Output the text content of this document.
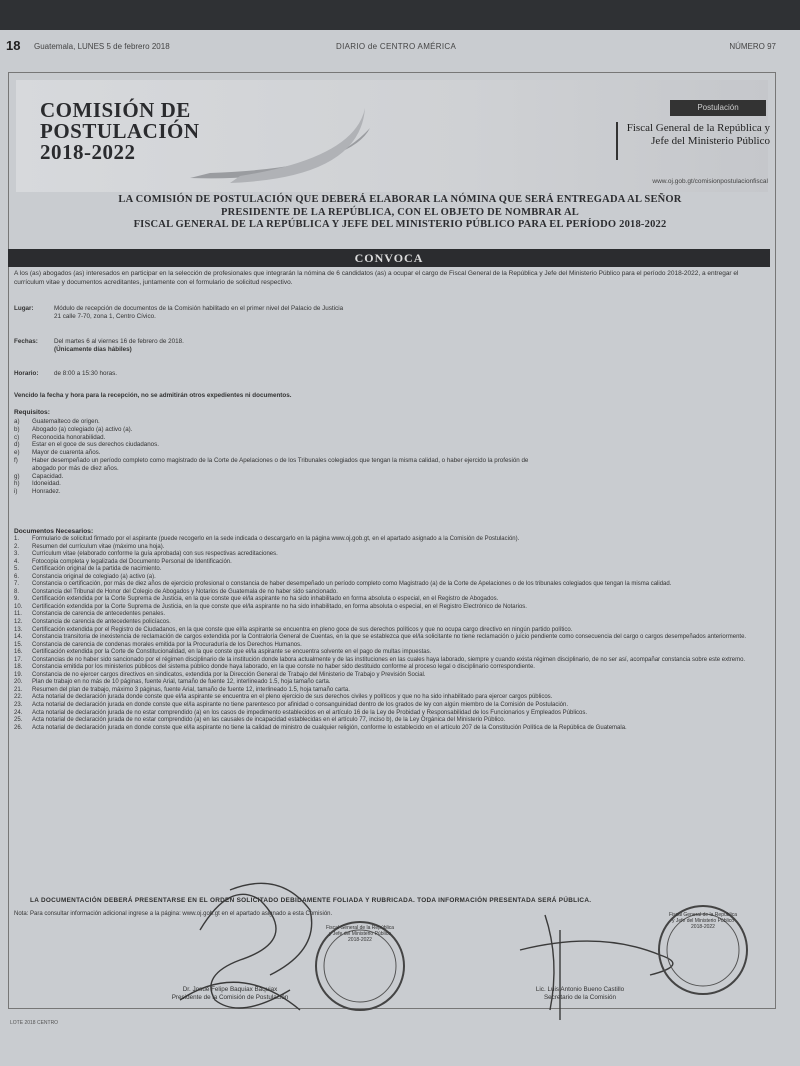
18 Guatemala, LUNES 5 de febrero 2018	DIARIO de CENTRO AMÉRICA	NÚMERO 97
COMISIÓN DE
POSTULACIÓN
2018-2022
Postulación
Fiscal General de la República y
Jefe del Ministerio Público
www.oj.gob.gt/comisionpostulacionfiscal
LA COMISIÓN DE POSTULACIÓN QUE DEBERÁ ELABORAR LA NÓMINA QUE SERÁ ENTREGADA AL SEÑOR
PRESIDENTE DE LA REPÚBLICA, CON EL OBJETO DE NOMBRAR AL
FISCAL GENERAL DE LA REPÚBLICA Y JEFE DEL MINISTERIO PÚBLICO PARA EL PERÍODO 2018-2022
CONVOCA
A los (as) abogados (as) interesados en participar en la selección de profesionales que integrarán la nómina de 6 candidatos (as) a ocupar el cargo de Fiscal General de la República y Jefe del Ministerio Público para el período 2018-2022, a entregar el currículum vitae y documentos acreditantes, juntamente con el formulario de solicitud respectivo.
Lugar:	Módulo de recepción de documentos de la Comisión habilitado en el primer nivel del Palacio de Justicia
21 calle 7-70, zona 1, Centro Cívico.
Fechas:	Del martes 6 al viernes 16 de febrero de 2018.
(Únicamente días hábiles)
Horario: de 8:00 a 15:30 horas.
Vencido la fecha y hora para la recepción, no se admitirán otros expedientes ni documentos.
Requisitos:
a) Guatemalteco de origen.
b) Abogado (a) colegiado (a) activo (a).
c) Reconocida honorabilidad.
d) Estar en el goce de sus derechos ciudadanos.
e) Mayor de cuarenta años.
f) Haber desempeñado un período completo como magistrado de la Corte de Apelaciones o de los Tribunales colegiados que tengan la misma calidad, o haber ejercido la profesión de
abogado por más de diez años.
g) Capacidad.
h) Idoneidad.
i) Honradez.
Documentos Necesarios:
1.	Formulario de solicitud firmado por el aspirante (puede recogerlo en la sede indicada o descargarlo en la página www.oj.gob.gt, en el apartado asignado a la Comisión de Postulación).
2.	Resumen del currículum vitae (máximo una hoja).
3.	Currículum vitae (elaborado conforme la guía aprobada) con sus respectivas acreditaciones.
4.	Fotocopia completa y legalizada del Documento Personal de Identificación.
5.	Certificación original de la partida de nacimiento.
6.	Constancia original de colegiado (a) activo (a).
7.	Constancia o certificación, por más de diez años de ejercicio profesional o constancia de haber desempeñado un período completo como Magistrado (a) de la Corte de Apelaciones o de los tribunales colegiados que tengan la misma calidad.
8.	Constancia del Tribunal de Honor del Colegio de Abogados y Notarios de Guatemala de no haber sido sancionado.
9.	Certificación extendida por la Corte Suprema de Justicia, en la que conste que el/la aspirante no ha sido inhabilitado en forma absoluta o especial, en el Registro de Abogados.
10.	Certificación extendida por la Corte Suprema de Justicia, en la que conste que el/la aspirante no ha sido inhabilitado, en forma absoluta o especial, en el Registro Electrónico de Notarios.
11.	Constancia de carencia de antecedentes penales.
12.	Constancia de carencia de antecedentes policíacos.
13.	Certificación extendida por el Registro de Ciudadanos, en la que conste que el/la aspirante se encuentra en pleno goce de sus derechos políticos y que no ocupa cargo directivo en ningún partido político.
14.	Constancia transitoria de inexistencia de reclamación de cargos extendida por la Contraloría General de Cuentas, en la que se establezca que el/la solicitante no tiene reclamación o juicio pendiente como consecuencia del cargo o cargos desempeñados anteriormente.
15.	Constancia de carencia de condenas morales emitida por la Procuraduría de los Derechos Humanos.
16.	Certificación extendida por la Corte de Constitucionalidad, en la que conste que el/la aspirante se encuentra solvente en el pago de multas impuestas.
17.	Constancias de no haber sido sancionado por el régimen disciplinario de la institución donde labora actualmente y de las instituciones en las cuales haya laborado, siempre y cuando exista régimen disciplinario, de no ser así, acompañar constancia sobre este extremo.
18.	Constancia emitida por los ministerios públicos del sistema público donde haya laborado, en la que conste no haber sido destituido conforme al proceso legal o disciplinario correspondiente.
19.	Constancia de no ejercer cargos directivos en sindicatos, extendida por la Dirección General de Trabajo del Ministerio de Trabajo y Previsión Social.
20.	Plan de trabajo en no más de 10 páginas, fuente Arial, tamaño de fuente 12, interlineado 1.5, hoja tamaño carta.
21.	Resumen del plan de trabajo, máximo 3 páginas, fuente Arial, tamaño de fuente 12, interlineado 1.5, hoja tamaño carta.
22.	Acta notarial de declaración jurada donde conste que el/la aspirante se encuentra en el pleno ejercicio de sus derechos civiles y políticos y que no ha sido inhabilitado para ejercer cargos públicos.
23.	Acta notarial de declaración jurada en donde conste que el/la aspirante no tiene parentesco por afinidad o consanguinidad dentro de los grados de ley con algún miembro de la Comisión de Postulación.
24.	Acta notarial de declaración jurada de no estar comprendido (a) en los casos de impedimento establecidos en el artículo 16 de la Ley de Probidad y Responsabilidad de los Funcionarios y Empleados Públicos.
25.	Acta notarial de declaración jurada de no estar comprendido (a) en las causales de incapacidad establecidas en el artículo 77, inciso b), de la Ley Orgánica del Ministerio Público.
26.	Acta notarial de declaración jurada en donde conste que el/la aspirante no tiene la calidad de ministro de cualquier religión, conforme lo establecido en el artículo 207 de la Constitución Política de la República de Guatemala.
LA DOCUMENTACIÓN DEBERÁ PRESENTARSE EN EL ORDEN SOLICITADO DEBIDAMENTE FOLIADA Y RUBRICADA. TODA INFORMACIÓN PRESENTADA SERÁ PÚBLICA.
Nota: Para consultar información adicional ingrese a la página: www.oj.gob.gt en el apartado asignado a esta Comisión.
Fiscal General de la República y Jefe del Ministerio Público 2018-2022
Fiscal General de la República y Jefe del Ministerio Público 2018-2022
Dr. Josué Felipe Baquiax Baquiax
Presidente de la Comisión de Postulación
Lic. Luis Antonio Bueno Castillo
Secretario de la Comisión
LOTE 2018 CENTRO
